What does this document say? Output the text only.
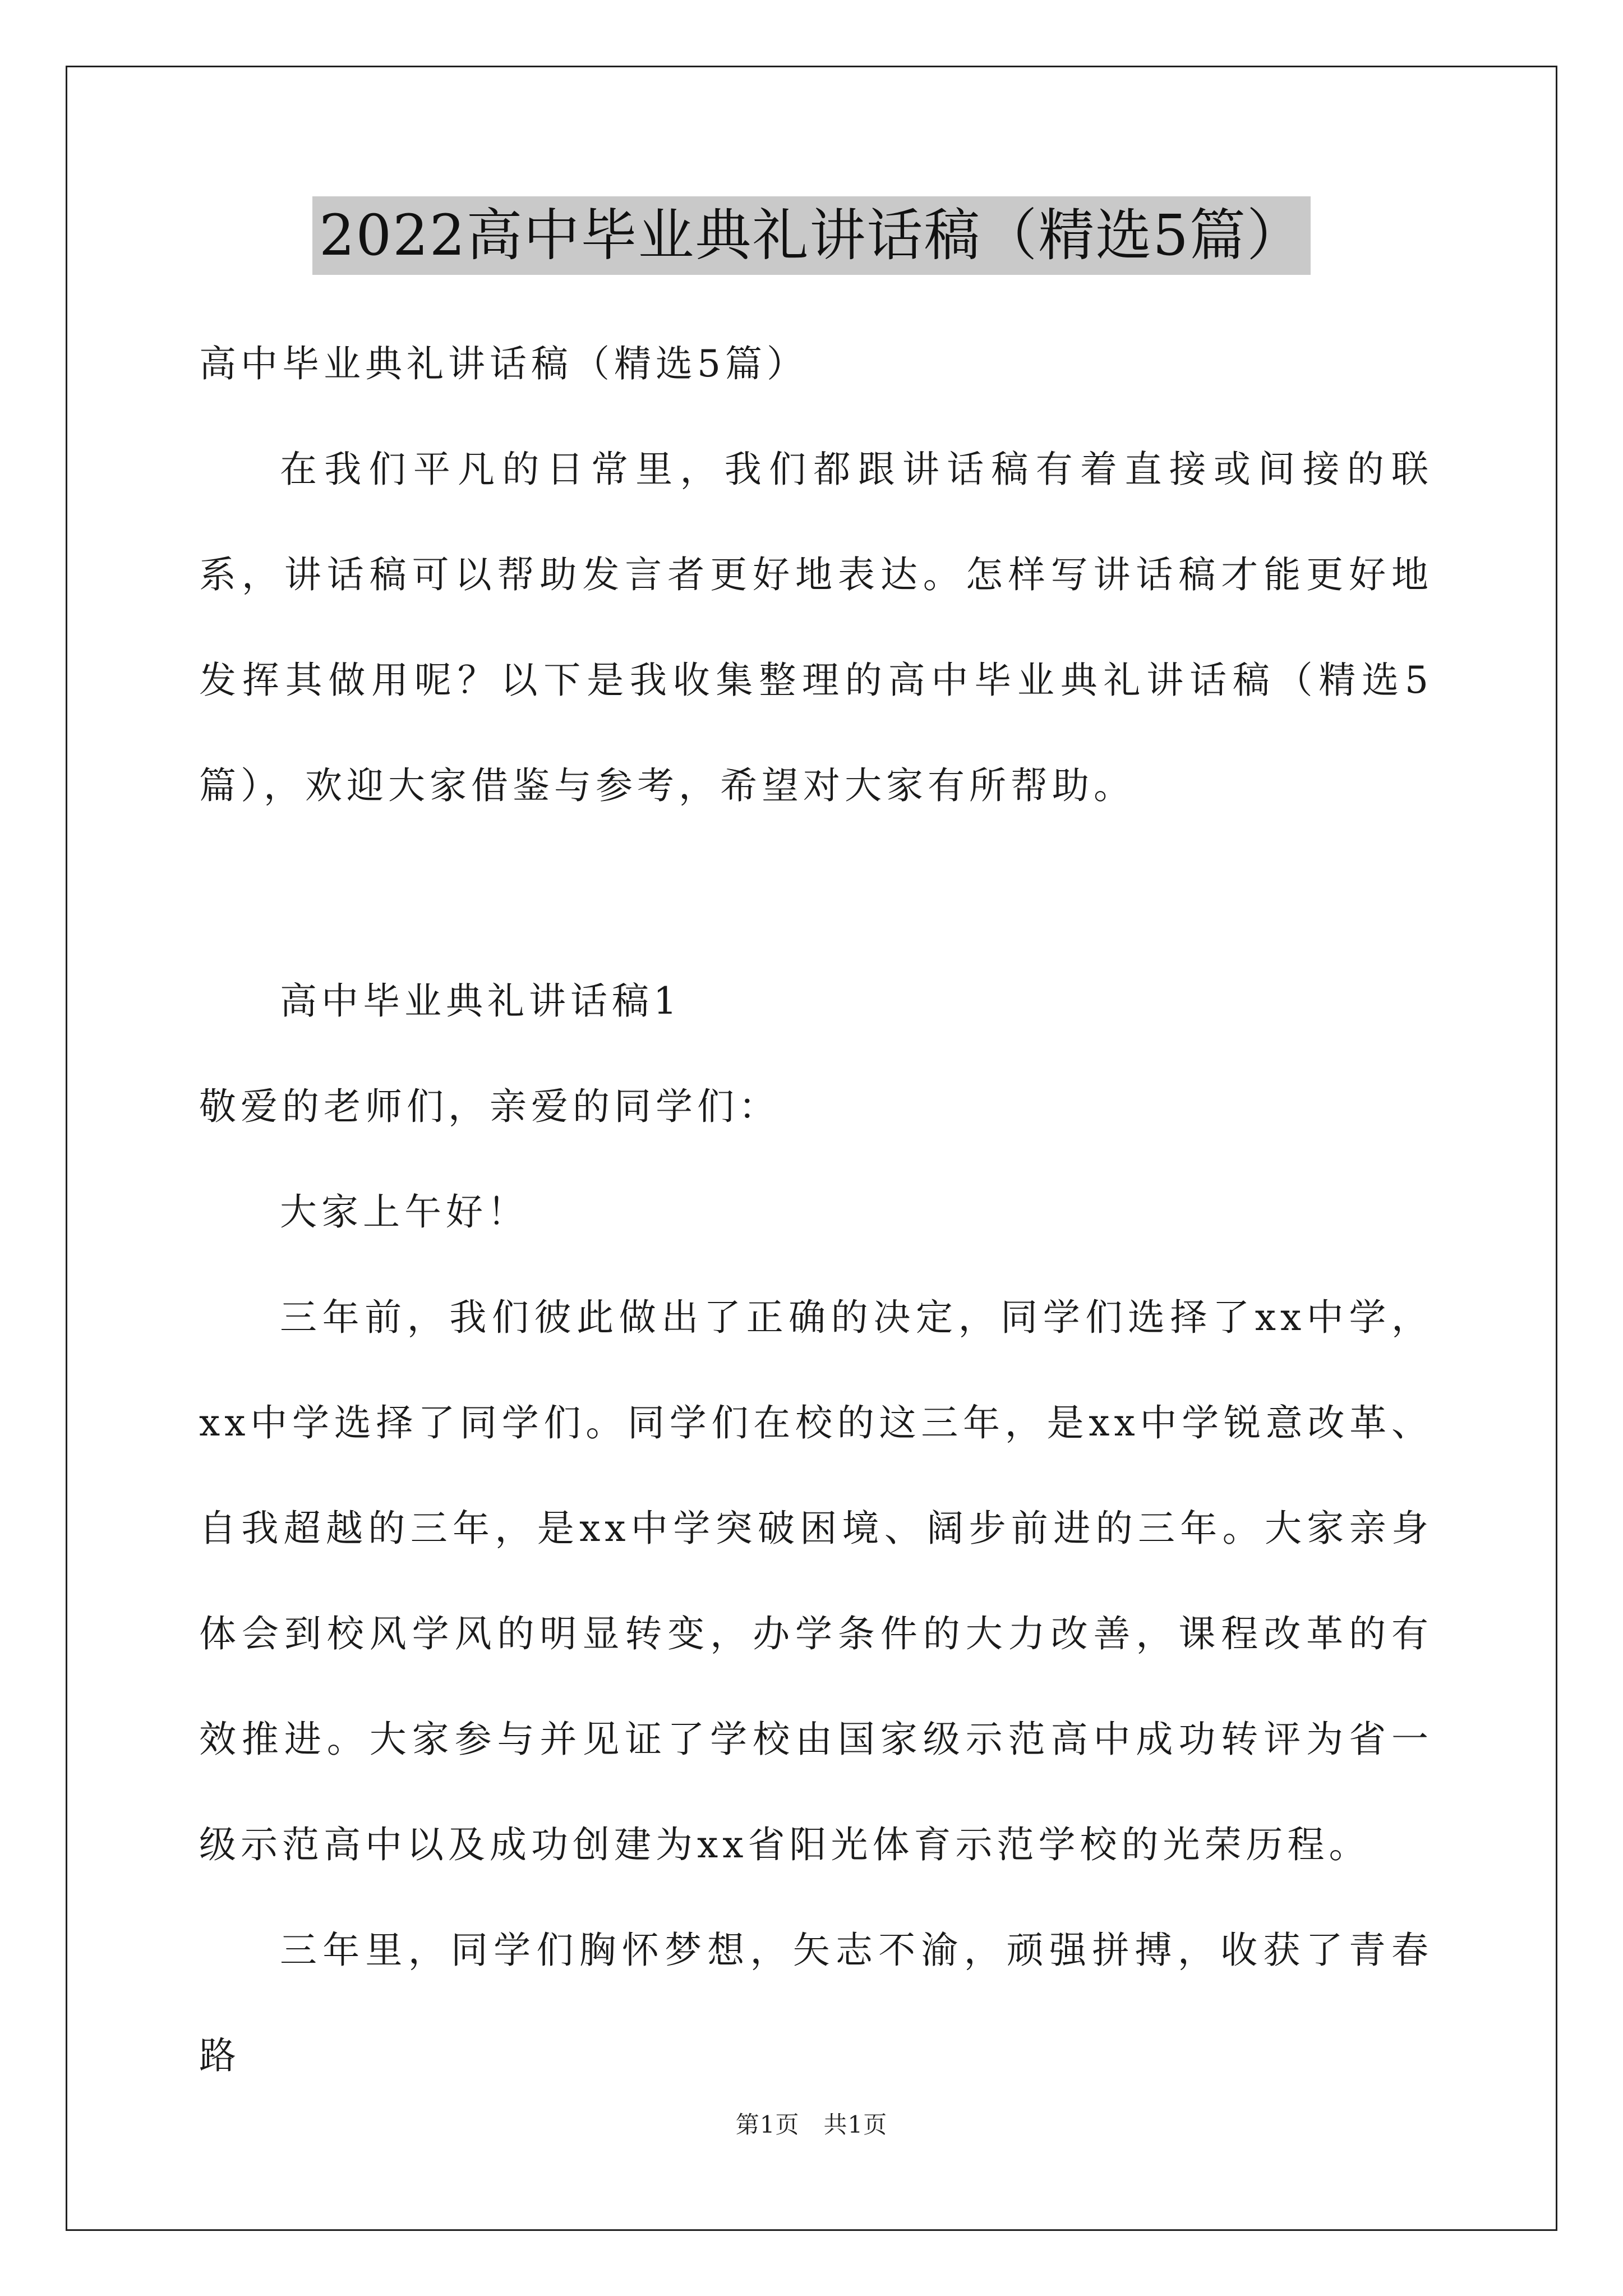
2022高中毕业典礼讲话稿（精选5篇）

高中毕业典礼讲话稿（精选5篇）

在我们平凡的日常里，我们都跟讲话稿有着直接或间接的联系，讲话稿可以帮助发言者更好地表达。怎样写讲话稿才能更好地发挥其做用呢？以下是我收集整理的高中毕业典礼讲话稿（精选5篇），欢迎大家借鉴与参考，希望对大家有所帮助。

高中毕业典礼讲话稿1

敬爱的老师们，亲爱的同学们：

大家上午好！

三年前，我们彼此做出了正确的决定，同学们选择了xx中学，xx中学选择了同学们。同学们在校的这三年，是xx中学锐意改革、自我超越的三年，是xx中学突破困境、阔步前进的三年。大家亲身体会到校风学风的明显转变，办学条件的大力改善，课程改革的有效推进。大家参与并见证了学校由国家级示范高中成功转评为省一级示范高中以及成功创建为xx省阳光体育示范学校的光荣历程。

三年里，同学们胸怀梦想，矢志不渝，顽强拼搏，收获了青春路

第1页　共1页
